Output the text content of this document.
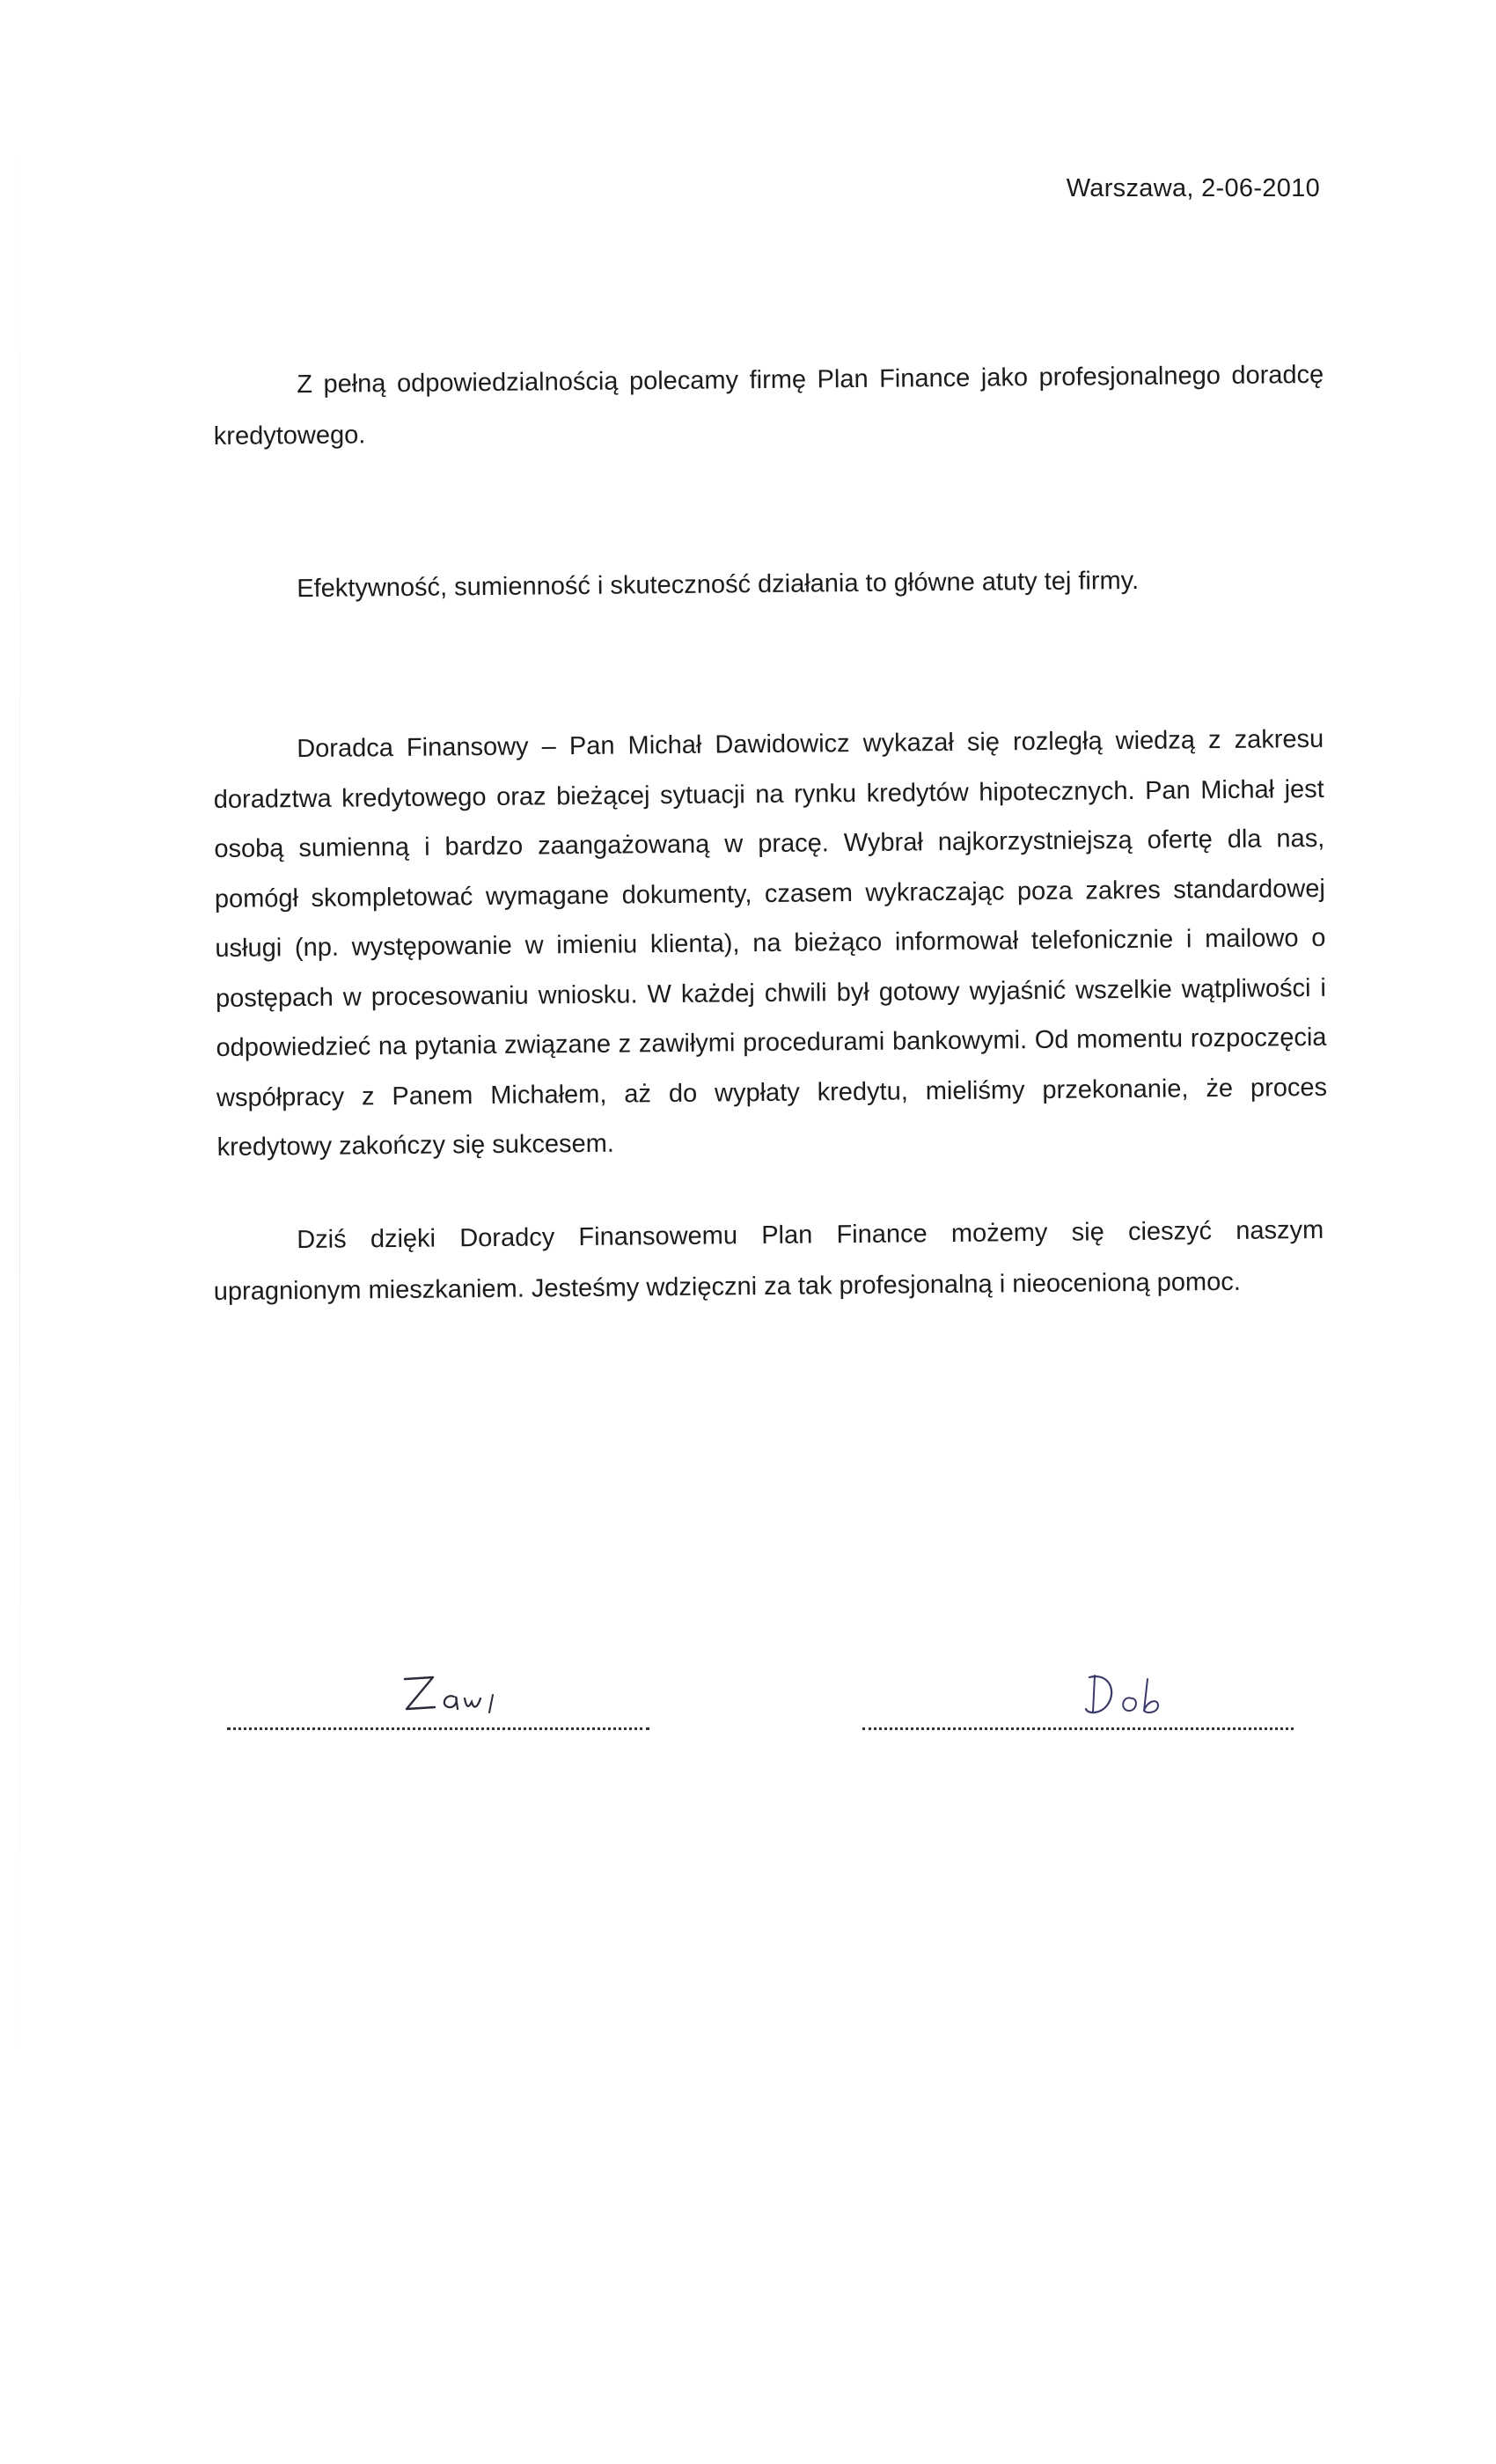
Warszawa, 2-06-2010

Z pełną odpowiedzialnością polecamy firmę Plan Finance jako profesjonalnego doradcę kredytowego.

Efektywność, sumienność i skuteczność działania to główne atuty tej firmy.

Doradca Finansowy – Pan Michał Dawidowicz wykazał się rozległą wiedzą z zakresu doradztwa kredytowego oraz bieżącej sytuacji na rynku kredytów hipotecznych. Pan Michał jest osobą sumienną i bardzo zaangażowaną w pracę. Wybrał najkorzystniejszą ofertę dla nas, pomógł skompletować wymagane dokumenty, czasem wykraczając poza zakres standardowej usługi (np. występowanie w imieniu klienta), na bieżąco informował telefonicznie i mailowo o postępach w procesowaniu wniosku. W każdej chwili był gotowy wyjaśnić wszelkie wątpliwości i odpowiedzieć na pytania związane z zawiłymi procedurami bankowymi. Od momentu rozpoczęcia współpracy z Panem Michałem, aż do wypłaty kredytu, mieliśmy przekonanie, że proces kredytowy zakończy się sukcesem.

Dziś dzięki Doradcy Finansowemu Plan Finance możemy się cieszyć naszym upragnionym mieszkaniem. Jesteśmy wdzięczni za tak profesjonalną i nieocenioną pomoc.
